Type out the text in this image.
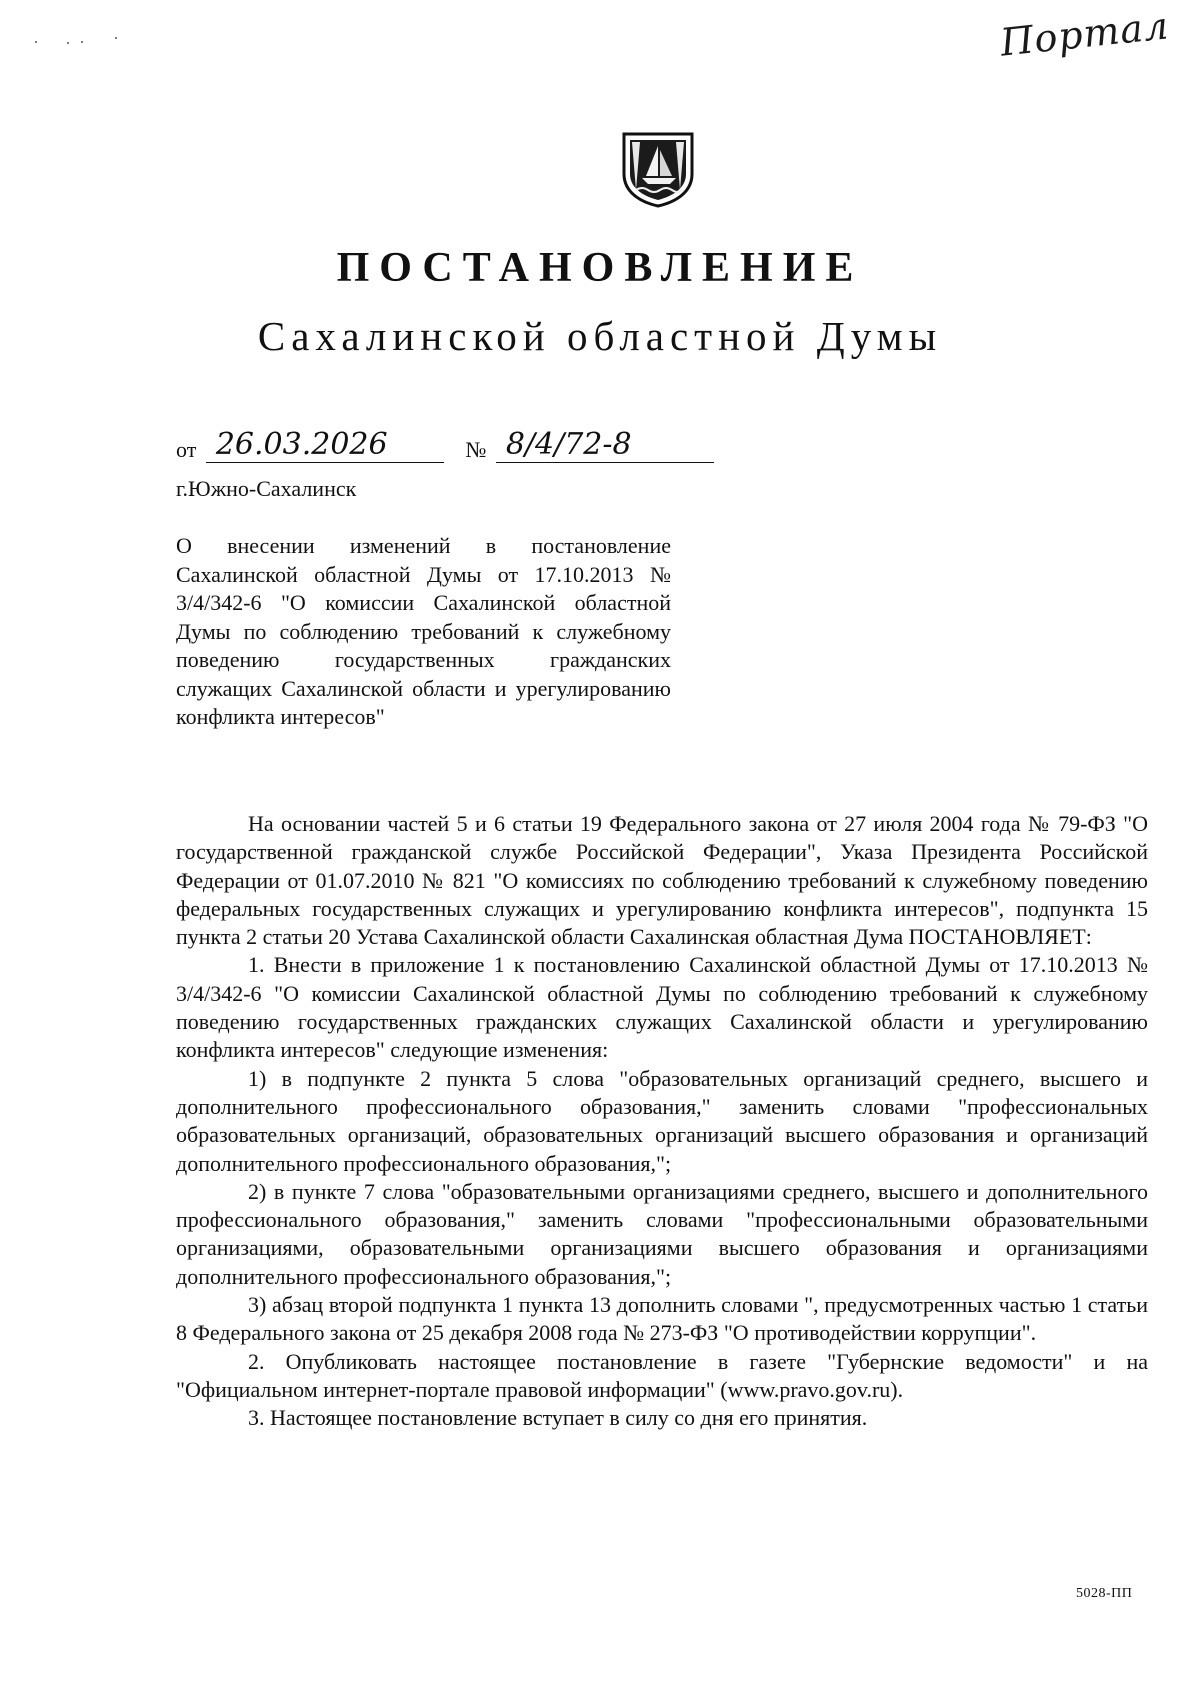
Портал
ПОСТАНОВЛЕНИЕ
Сахалинской областной Думы
от 26.03.2026	№ 8/4/72-8
г.Южно-Сахалинск

О внесении изменений в постановление Сахалинской областной Думы от 17.10.2013 № 3/4/342-6 "О комиссии Сахалинской областной Думы по соблюдению требований к служебному поведению государственных гражданских служащих Сахалинской области и урегулированию конфликта интересов"

На основании частей 5 и 6 статьи 19 Федерального закона от 27 июля 2004 года № 79-ФЗ "О государственной гражданской службе Российской Федерации", Указа Президента Российской Федерации от 01.07.2010 № 821 "О комиссиях по соблюдению требований к служебному поведению федеральных государственных служащих и урегулированию конфликта интересов", подпункта 15 пункта 2 статьи 20 Устава Сахалинской области Сахалинская областная Дума ПОСТАНОВЛЯЕТ:

1. Внести в приложение 1 к постановлению Сахалинской областной Думы от 17.10.2013 № 3/4/342-6 "О комиссии Сахалинской областной Думы по соблюдению требований к служебному поведению государственных гражданских служащих Сахалинской области и урегулированию конфликта интересов" следующие изменения:

1) в подпункте 2 пункта 5 слова "образовательных организаций среднего, высшего и дополнительного профессионального образования," заменить словами "профессиональных образовательных организаций, образовательных организаций высшего образования и организаций дополнительного профессионального образования,";

2) в пункте 7 слова "образовательными организациями среднего, высшего и дополнительного профессионального образования," заменить словами "профессиональными образовательными организациями, образовательными организациями высшего образования и организациями дополнительного профессионального образования,";

3) абзац второй подпункта 1 пункта 13 дополнить словами ", предусмотренных частью 1 статьи 8 Федерального закона от 25 декабря 2008 года № 273-ФЗ "О противодействии коррупции".

2. Опубликовать настоящее постановление в газете "Губернские ведомости" и на "Официальном интернет-портале правовой информации" (www.pravo.gov.ru).

3. Настоящее постановление вступает в силу со дня его принятия.

5028-ПП
